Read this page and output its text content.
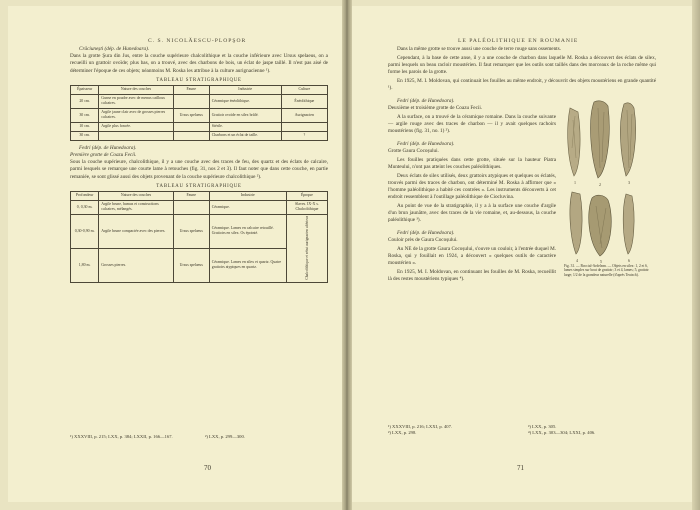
C. S. NICOLĂESCU-PLOPŞOR

Crăciunești (dép. de Hunedoara).
Dans la grotte Şura din Jus, entre la couche supérieure chalcolithique et la couche inférieure avec Ursus spelaeus, on a recueilli un grattoir ovoïde; plus bas, on a trouvé, avec des charbons de bois, un éclat de jaspe taillé. Il n'est pas aisé de déterminer l'époque de ces objets; néanmoins M. Roska les attribue à la culture aurignacienne ¹).

TABLEAU STRATIGRAPHIQUE
Épaisseur	Nature des couches	Faune	Industrie	Culture
20 cm.	Gunse en poudre avec de menus cailloux calcaires.		Céramique énéolithique.	Énéolithique
30 cm.	Argile jaune clair avec de grosses pierres calcaires.	Ursus spelaeus	Grattoir ovoïde en silex brûlé.	Aurignacien
10 cm.	Argile plus foncée.		Stérile.	
30 cm.			Charbons et un éclat de taille.	?

Fedri (dép. de Hunedoara).
Première grotte de Coazu Fecii.
Sous la couche supérieure, chalcolithique, il y a une couche avec des traces de feu, des quartz et des éclats de calcaire, parmi lesquels se remarque une courte lame à retouches (fig. 31, nos 2 et 3). Il faut noter que dans cette couche, en partie remaniée, se sont glissé aussi des objets provenant de la couche supérieure chalcolithique ²).

TABLEAU STRATIGRAPHIQUE
Profondeur	Nature des couches	Faune	Industrie	Époque
0, 0,30 m.	Argile brune, humus et constructions calcaires, mélangés.		Céramique.	Slaves. IX-X s. Chalcolithique
0,30-0,90 m.	Argile brune compactée avec des pierres.	Ursus spelaeus	Céramique. Lames en calcaire retouillé. Grattoirs en silex. Os épointé.	Chalcolithique et rebut aurignacien ultérieur

1,80 m.	Grosses pierres.	Ursus spelaeus	Céramique. Lames en silex et quartz. Quatre grattoirs atypiques en quartz.	
¹) XXXVIII, p. 215; LXX, p. 384; LXXII, p. 166—167.	²) LXX, p. 299—300.
70
LE PALÉOLITHIQUE EN ROUMANIE

Dans la même grotte se trouve aussi une couche de terre rouge sans ossements.

Cependant, à la base de cette anse, il y a une couche de charbon dans laquelle M. Roska a découvert des éclats de silex, parmi lesquels un beau racloir moustérien. Il faut remarquer que les outils sont taillés dans des morceaux de la roche même qui forme les parois de la grotte.

En 1925, M. I. Moldovan, qui continuait les fouilles au même endroit, y découvrit des objets moustériens en grande quantité ¹).

1	2	3
4	5	6
Fig. 31. — Boccial-Ardelean. — Objets en silex: 1, 2 et 6, lames simples sur bout de grattoir; 3 et 4, lames; 5, grattoir large; 1/2 de la grandeur naturelle (d'après Teutsch).

Fedri (dép. de Hunedoara).
Deuxième et troisième grotte de Coazu Fecii.

A la surface, on a trouvé de la céramique romaine. Dans la couche suivante — argile rouge avec des traces de charbon — il y avait quelques rachoirs moustériens (fig. 31, no. 1) ²).

Fedri (dép. de Hunedoara).
Grotte Gaura Cocoșului.

Les fouilles pratiquées dans cette grotte, située sur la hauteur Piatra Munteului, n'ont pas atteint les couches paléolithiques.

Deux éclats de silex utilisés, deux grattoirs atypiques et quelques os éclatés, trouvés parmi des traces de charbon, ont déterminé M. Roska à affirmer que « l'homme paléolithique a habité ces contrées ». Les instruments découverts à cet endroit ressemblent à l'outillage paléolithique de Ciocluvina.

Au point de vue de la stratigraphie, il y a à la surface une couche d'argile d'un brun jaunâtre, avec des traces de la vie romaine, et, au-dessous, la couche paléolithique ³).

Fedri (dép. de Hunedoara).
Couloir près de Gaura Cocoșului.

Au NE de la grotte Gaura Cocoșului, s'ouvre un couloir, à l'entrée duquel M. Roska, qui y fouillait en 1924, a découvert « quelques outils de caractère moustérien ».

En 1925, M. I. Moldovan, en continuant les fouilles de M. Roska, recueillit là des restes moustériens typiques ⁴).

¹) XXXVIII, p. 216; LXXI, p. 407.
²) LXX, p. 298.
³) LXX, p. 305.
⁴) LXX, p. 303—304; LXXI, p. 406.
71
